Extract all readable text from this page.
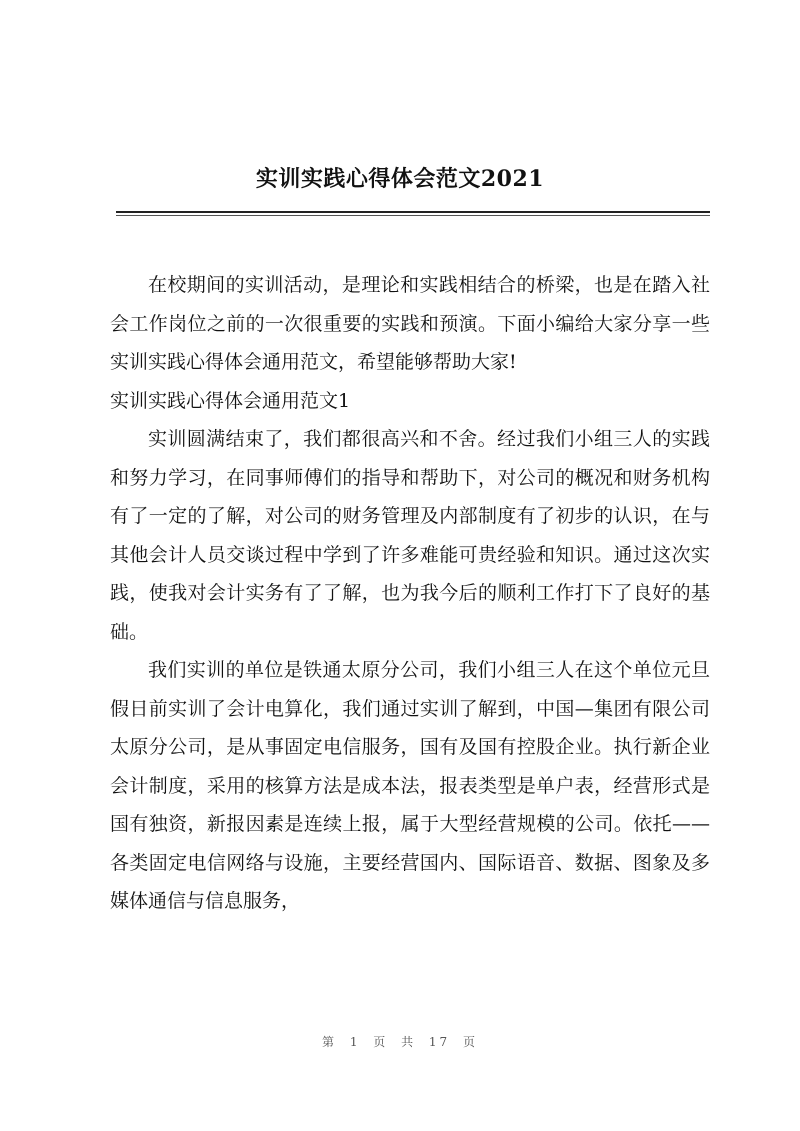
实训实践心得体会范文2021

在校期间的实训活动，是理论和实践相结合的桥梁，也是在踏入社会工作岗位之前的一次很重要的实践和预演。下面小编给大家分享一些实训实践心得体会通用范文，希望能够帮助大家!

实训实践心得体会通用范文1

实训圆满结束了，我们都很高兴和不舍。经过我们小组三人的实践和努力学习，在同事师傅们的指导和帮助下，对公司的概况和财务机构有了一定的了解，对公司的财务管理及内部制度有了初步的认识，在与其他会计人员交谈过程中学到了许多难能可贵经验和知识。通过这次实践，使我对会计实务有了了解，也为我今后的顺利工作打下了良好的基础。

我们实训的单位是铁通太原分公司，我们小组三人在这个单位元旦假日前实训了会计电算化，我们通过实训了解到，中国—集团有限公司太原分公司，是从事固定电信服务，国有及国有控股企业。执行新企业会计制度，采用的核算方法是成本法，报表类型是单户表，经营形式是国有独资，新报因素是连续上报，属于大型经营规模的公司。依托——各类固定电信网络与设施，主要经营国内、国际语音、数据、图象及多媒体通信与信息服务，

第 1 页 共 17 页
